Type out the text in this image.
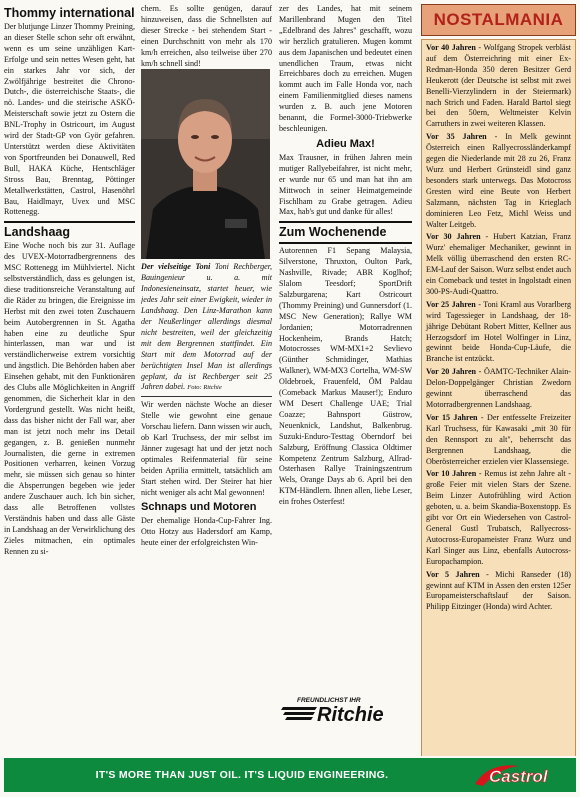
Thommy international

Der blutjunge Linzer Thommy Preining, an dieser Stelle schon sehr oft erwähnt, wenn es um seine unzähligen Kart-Erfolge und sein nettes Wesen geht, hat ein starkes Jahr vor sich, der Zwölfjährige bestreitet die Chrono-Dutch-, die österreichische Staats-, die nö. Landes- und die steirische ASKÖ-Meisterschaft sowie jetzt zu Ostern die BNL-Trophy in Ostricourt, im August wird der Stadt-GP von Györ gefahren. Unterstützt werden diese Aktivitäten von Sportfreunden bei Donauwell, Red Bull, HAKA Küche, Hentschläger Stross Bau, Brenntag, Pöttinger Metallwerkstätten, Castrol, Hasenöhrl Bau, Haidlmayr, Uvex und MSC Rottenegg.

Landshaag

Eine Woche noch bis zur 31. Auflage des UVEX-Motorradbergrennens des MSC Rottenegg im Mühlviertel. Nicht selbstverständlich, dass es gelungen ist, diese traditionsreiche Veranstaltung auf die Räder zu bringen, die Ereignisse im Herbst mit den zwei toten Zuschauern beim Autobergrennen in St. Agatha haben eine zu deutliche Spur hinterlassen, man war und ist verständlicherweise extrem vorsichtig und ängstlich. Die Behörden haben aber Einsehen gehabt, mit den Funktionären des Clubs alle Möglichkeiten in Angriff genommen, die Sicherheit klar in den Vordergrund gestellt. Was nicht heißt, dass das bisher nicht der Fall war, aber man ist jetzt noch mehr ins Detail gegangen, z. B. genießen nunmehr Journalisten, die gerne in extremen Positionen verharren, keinen Vorzug mehr, sie müssen sich genau so hinter die Absperrungen begeben wie jeder andere Zuschauer auch. Ich bin sicher, dass alle Betroffenen vollstes Verständnis haben und dass alle Gäste in Landshaag an der Verwirklichung des Zieles mitmachen, ein optimales Rennen zu si-

chern. Es sollte genügen, darauf hinzuweisen, dass die Schnellsten auf dieser Strecke - bei stehendem Start - einen Durchschnitt von mehr als 170 km/h erreichen, also teilweise über 270 km/h schnell sind!

Der vielseitige Toni Toni Rechberger, Bauingenieur u. a. mit Indonesieneinsatz, startet heuer, wie jedes Jahr seit einer Ewigkeit, wieder in Landshaag. Den Linz-Marathon kann der Neußerlinger allerdings diesmal nicht bestreiten, weil der gleichzeitig mit dem Bergrennen stattfindet. Ein Start mit dem Motorrad auf der berüchtigten Insel Man ist allerdings geplant, da ist Rechberger seit 25 Jahren dabei. Foto: Ritchie

Wir werden nächste Woche an dieser Stelle wie gewohnt eine genaue Vorschau liefern. Dann wissen wir auch, ob Karl Truchsess, der mir selbst im Jänner zugesagt hat und der jetzt noch optimales Reifenmaterial für seine beiden Aprilia ermittelt, tatsächlich am Start stehen wird. Der Steirer hat hier nicht weniger als acht Mal gewonnen!

Schnaps und Motoren

Der ehemalige Honda-Cup-Fahrer Ing. Otto Hotzy aus Hadersdorf am Kamp, heute einer der erfolgreichsten Win-

zer des Landes, hat mit seinem Marillenbrand Mugen den Titel „Edelbrand des Jahres" geschafft, wozu wir herzlich gratulieren. Mugen kommt aus dem Japanischen und bedeutet einen unendlichen Traum, etwas nicht Erreichbares doch zu erreichen. Mugen kommt auch im Falle Honda vor, nach einem Familienmitglied dieses namens wurden z. B. auch jene Motoren benannt, die Formel-3000-Triebwerke beschleunigen.

Adieu Max!

Max Trausner, in frühen Jahren mein mutiger Rallyebeifahrer, ist nicht mehr, er wurde nur 65 und man hat ihn am Mittwoch in seiner Heimatgemeinde Fischlham zu Grabe getragen. Adieu Max, hab's gut und danke für alles!

Zum Wochenende

Autorennen F1 Sepang Malaysia, Silverstone, Thruxton, Oulton Park, Nashville, Rivade; ABR Koglhof; Slalom Teesdorf; SportDrift Salzburgarena; Kart Ostricourt (Thommy Preining) und Gunnersdorf (1. MSC New Generation); Rallye WM Jordanien; Motorradrennen Hockenheim, Brands Hatch; Motocrosses WM-MX1+2 Sevlievo (Günther Schmidinger, Mathias Walkner), WM-MX3 Cortelha, WM-SW Oldebroek, Frauenfeld, ÖM Paldau (Comeback Markus Mauser!); Enduro WM Desert Challenge UAE; Trial Coazze; Bahnsport Güstrow, Neuenknick, Landshut, Balkenbrug. Suzuki-Enduro-Testtag Oberndorf bei Salzburg, Eröffnung Classica Oldtimer Kompetenz Zentrum Salzburg, Allrad-Osterhasen Rallye Trainingszentrum Wels, Orange Days ab 6. April bei den KTM-Händlern. Ihnen allen, liebe Leser, ein frohes Osterfest!

FREUNDLICHST IHR
Ritchie
NOSTALMANIA

Vor 40 Jahren - Wolfgang Stropek verbläst auf dem Österreichring mit einer Ex-Redman-Honda 350 deren Besitzer Gerd Heukerott (der Deutsche ist selbst mit zwei Benelli-Vierzylindern in der Steiermark) nach Strich und Faden. Harald Bartol siegt bei den 50ern, Weltmeister Kelvin Carruthers in zwei weiteren Klassen.

Vor 35 Jahren - In Melk gewinnt Österreich einen Rallyecrossländerkampf gegen die Niederlande mit 28 zu 26, Franz Wurz und Herbert Grünsteidl sind ganz besonders stark unterwegs. Das Motocross Gresten wird eine Beute von Herbert Salzmann, nächsten Tag in Krieglach dominieren Leo Fetz, Michl Weiss und Walter Leitgeb.

Vor 30 Jahren - Hubert Katzian, Franz Wurz' ehemaliger Mechaniker, gewinnt in Melk völlig überraschend den ersten RC-EM-Lauf der Saison. Wurz selbst endet auch ein Comeback und testet in Ingolstadt einen 300-PS-Audi-Quattro.

Vor 25 Jahren - Toni Kraml aus Vorarlberg wird Tagessieger in Landshaag, der 18-jährige Debütant Robert Mitter, Kellner aus Herzogsdorf im Hotel Wolfinger in Linz, gewinnt beide Honda-Cup-Läufe, die Branche ist entzückt.

Vor 20 Jahren - ÖAMTC-Techniker Alain-Delon-Doppelgänger Christian Zwedorn gewinnt überraschend das Motorradbergrennen Landshaag.

Vor 15 Jahren - Der entfesselte Freizeiter Karl Truchsess, für Kawasaki „mit 30 für den Rennsport zu alt", beherrscht das Bergrennen Landshaag, die Oberösterreicher erzielen vier Klassensiege.

Vor 10 Jahren - Remus ist zehn Jahre alt - große Feier mit vielen Stars der Szene. Beim Linzer Autofrühling wird Action geboten, u. a. beim Skandia-Boxenstopp. Es gibt vor Ort ein Wiedersehen von Castrol-General Gustl Trubatsch, Rallyecross-Autocross-Europameister Franz Wurz und Karl Singer aus Linz, ebenfalls Autocross-Europachampion.

Vor 5 Jahren - Michi Ranseder (18) gewinnt auf KTM in Assen den ersten 125er Europameisterschaftslauf der Saison. Philipp Eitzinger (Honda) wird Achter.

IT'S MORE THAN JUST OIL. IT'S LIQUID ENGINEERING.	Castrol
